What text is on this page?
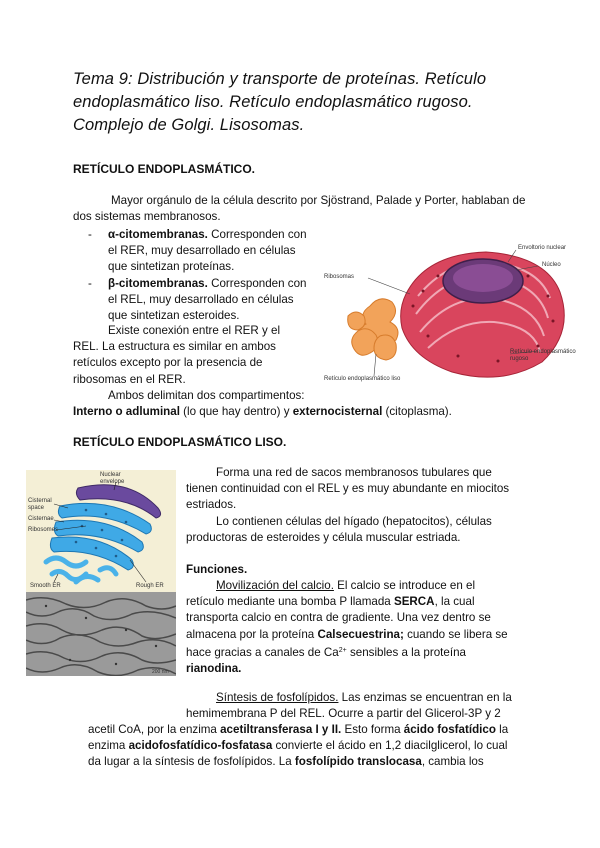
Tema 9: Distribución y transporte de proteínas. Retículo endoplasmático liso. Retículo endoplasmático rugoso. Complejo de Golgi. Lisosomas.
RETÍCULO ENDOPLASMÁTICO.
Mayor orgánulo de la célula descrito por Sjöstrand, Palade y Porter, hablaban de dos sistemas membranosos.
- α-citomembranas. Corresponden con
el RER, muy desarrollado en células
que sintetizan proteínas.
- β-citomembranas. Corresponden con
el REL, muy desarrollado en células
que sintetizan esteroides.
Existe conexión entre el RER y el
REL. La estructura es similar en ambos
retículos excepto por la presencia de
ribosomas en el RER.
Ambos delimitan dos compartimentos:
Interno o adluminal (lo que hay dentro) y externocisternal (citoplasma).
Envoltorio nuclear
Núcleo
Ribosomas
Retículo endoplasmático rugoso
Retículo endoplasmático liso
RETÍCULO ENDOPLASMÁTICO LISO.
Nuclear
envelope
Cisternal
space
Cisternae
Ribosomes
Smooth ER	Rough ER
200 nm
Forma una red de sacos membranosos tubulares que
tienen continuidad con el REL y es muy abundante en miocitos
estriados.
Lo contienen células del hígado (hepatocitos), células
productoras de esteroides y célula muscular estriada.
Funciones.
Movilización del calcio. El calcio se introduce en el
retículo mediante una bomba P llamada SERCA, la cual
transporta calcio en contra de gradiente. Una vez dentro se
almacena por la proteína Calsecuestrina; cuando se libera se
hace gracias a canales de $Ca^{2+}$ sensibles a la proteína
rianodina.
Síntesis de fosfolípidos. Las enzimas se encuentran en la
hemimembrana P del REL. Ocurre a partir del Glicerol-3P y 2
acetil CoA, por la enzima acetiltransferasa I y II. Esto forma ácido fosfatídico la
enzima acidofosfatídico-fosfatasa convierte el ácido en 1,2 diacilglicerol, lo cual
da lugar a la síntesis de fosfolípidos. La fosfolípido translocasa, cambia los
